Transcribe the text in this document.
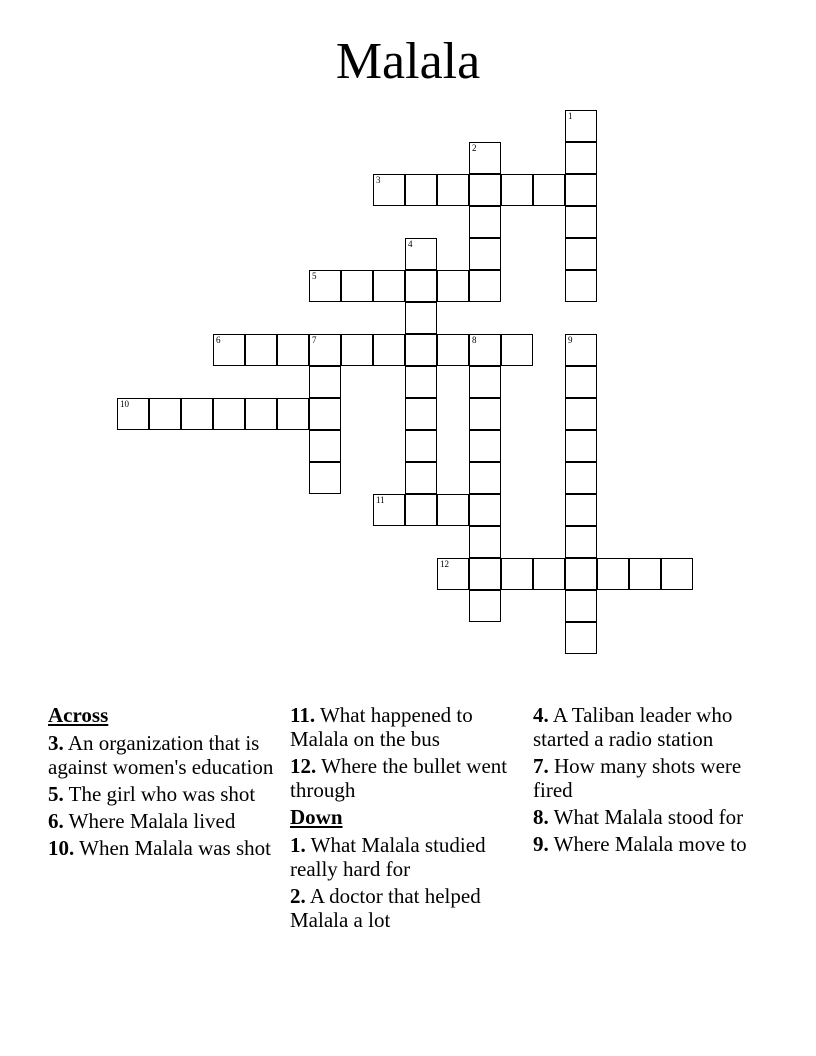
Malala
1
2
3
4
5
6	7	8	9
10
11
12
Across
3. An organization that is against women's education
5. The girl who was shot
6. Where Malala lived
10. When Malala was shot
11. What happened to Malala on the bus
12. Where the bullet went through
Down
1. What Malala studied really hard for
2. A doctor that helped Malala a lot
4. A Taliban leader who started a radio station
7. How many shots were fired
8. What Malala stood for
9. Where Malala move to
